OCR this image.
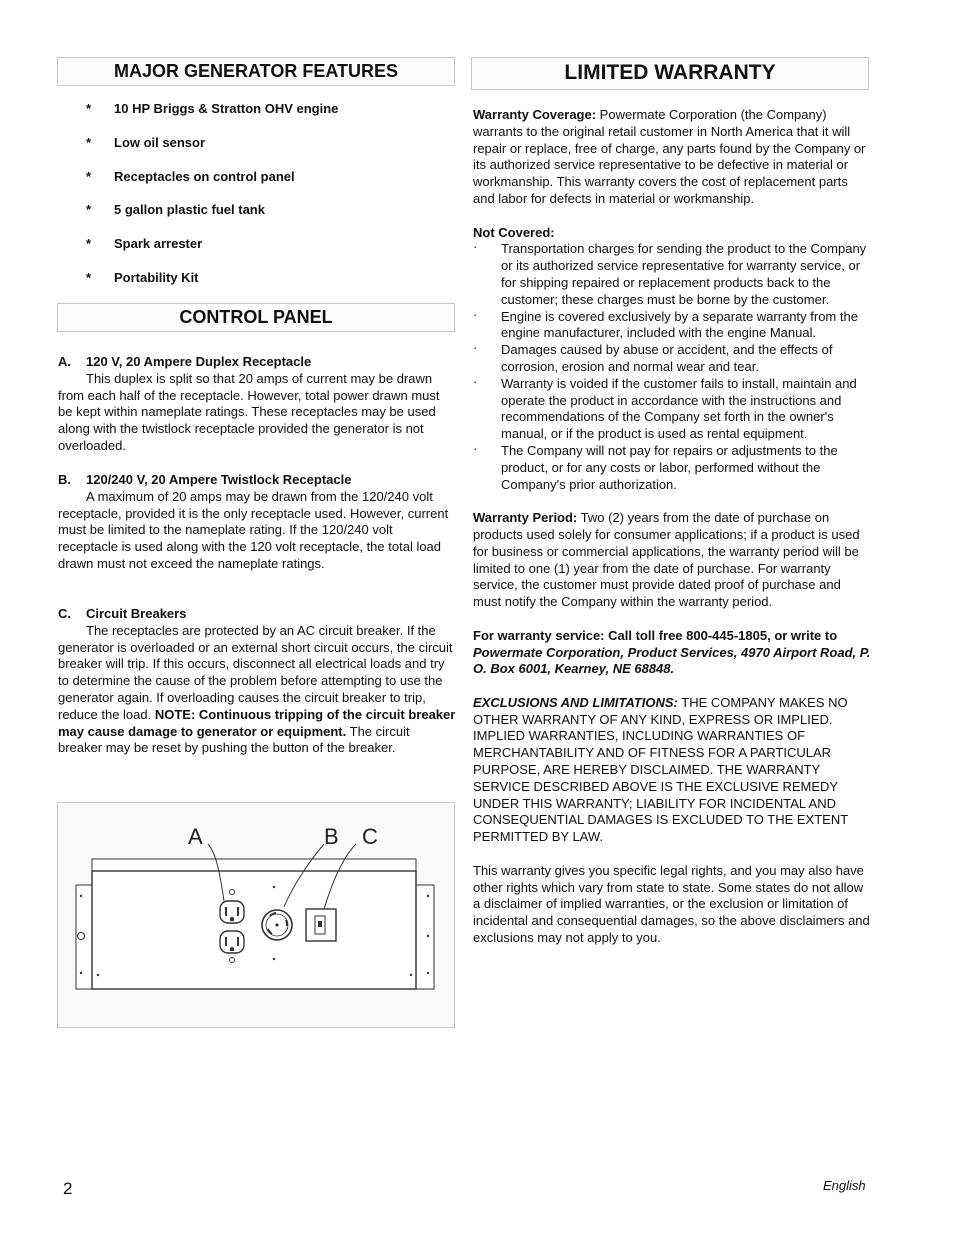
MAJOR GENERATOR FEATURES
* 10 HP Briggs & Stratton OHV engine
* Low oil sensor
* Receptacles on control panel
* 5 gallon plastic fuel tank
* Spark arrester
* Portability Kit
CONTROL PANEL
A. 120 V, 20 Ampere Duplex Receptacle

This duplex is split so that 20 amps of current may be drawn from each half of the receptacle. However, total power drawn must be kept within nameplate ratings. These receptacles may be used along with the twistlock receptacle provided the generator is not overloaded.

B. 120/240 V, 20 Ampere Twistlock Receptacle

A maximum of 20 amps may be drawn from the 120/240 volt receptacle, provided it is the only receptacle used. However, current must be limited to the nameplate rating. If the 120/240 volt receptacle is used along with the 120 volt receptacle, the total load drawn must not exceed the nameplate ratings.

C. Circuit Breakers

The receptacles are protected by an AC circuit breaker. If the generator is overloaded or an external short circuit occurs, the circuit breaker will trip. If this occurs, disconnect all electrical loads and try to determine the cause of the problem before attempting to use the generator again. If overloading causes the circuit breaker to trip, reduce the load. NOTE: Continuous tripping of the circuit breaker may cause damage to generator or equipment. The circuit breaker may be reset by pushing the button of the breaker.

A	B C
LIMITED WARRANTY

Warranty Coverage: Powermate Corporation (the Company) warrants to the original retail customer in North America that it will repair or replace, free of charge, any parts found by the Company or its authorized service representative to be defective in material or workmanship. This warranty covers the cost of replacement parts and labor for defects in material or workmanship.

Not Covered:
· Transportation charges for sending the product to the Company or its authorized service representative for warranty service, or for shipping repaired or replacement products back to the customer; these charges must be borne by the customer.
· Engine is covered exclusively by a separate warranty from the engine manufacturer, included with the engine Manual.
· Damages caused by abuse or accident, and the effects of corrosion, erosion and normal wear and tear.
· Warranty is voided if the customer fails to install, maintain and operate the product in accordance with the instructions and recommendations of the Company set forth in the owner's manual, or if the product is used as rental equipment.
· The Company will not pay for repairs or adjustments to the product, or for any costs or labor, performed without the Company's prior authorization.

Warranty Period: Two (2) years from the date of purchase on products used solely for consumer applications; if a product is used for business or commercial applications, the warranty period will be limited to one (1) year from the date of purchase. For warranty service, the customer must provide dated proof of purchase and must notify the Company within the warranty period.

For warranty service: Call toll free 800-445-1805, or write to Powermate Corporation, Product Services, 4970 Airport Road, P. O. Box 6001, Kearney, NE 68848.

EXCLUSIONS AND LIMITATIONS: THE COMPANY MAKES NO OTHER WARRANTY OF ANY KIND, EXPRESS OR IMPLIED. IMPLIED WARRANTIES, INCLUDING WARRANTIES OF MERCHANTABILITY AND OF FITNESS FOR A PARTICULAR PURPOSE, ARE HEREBY DISCLAIMED. THE WARRANTY SERVICE DESCRIBED ABOVE IS THE EXCLUSIVE REMEDY UNDER THIS WARRANTY; LIABILITY FOR INCIDENTAL AND CONSEQUENTIAL DAMAGES IS EXCLUDED TO THE EXTENT PERMITTED BY LAW.

This warranty gives you specific legal rights, and you may also have other rights which vary from state to state. Some states do not allow a disclaimer of implied warranties, or the exclusion or limitation of incidental and consequential damages, so the above disclaimers and exclusions may not apply to you.

2	English
